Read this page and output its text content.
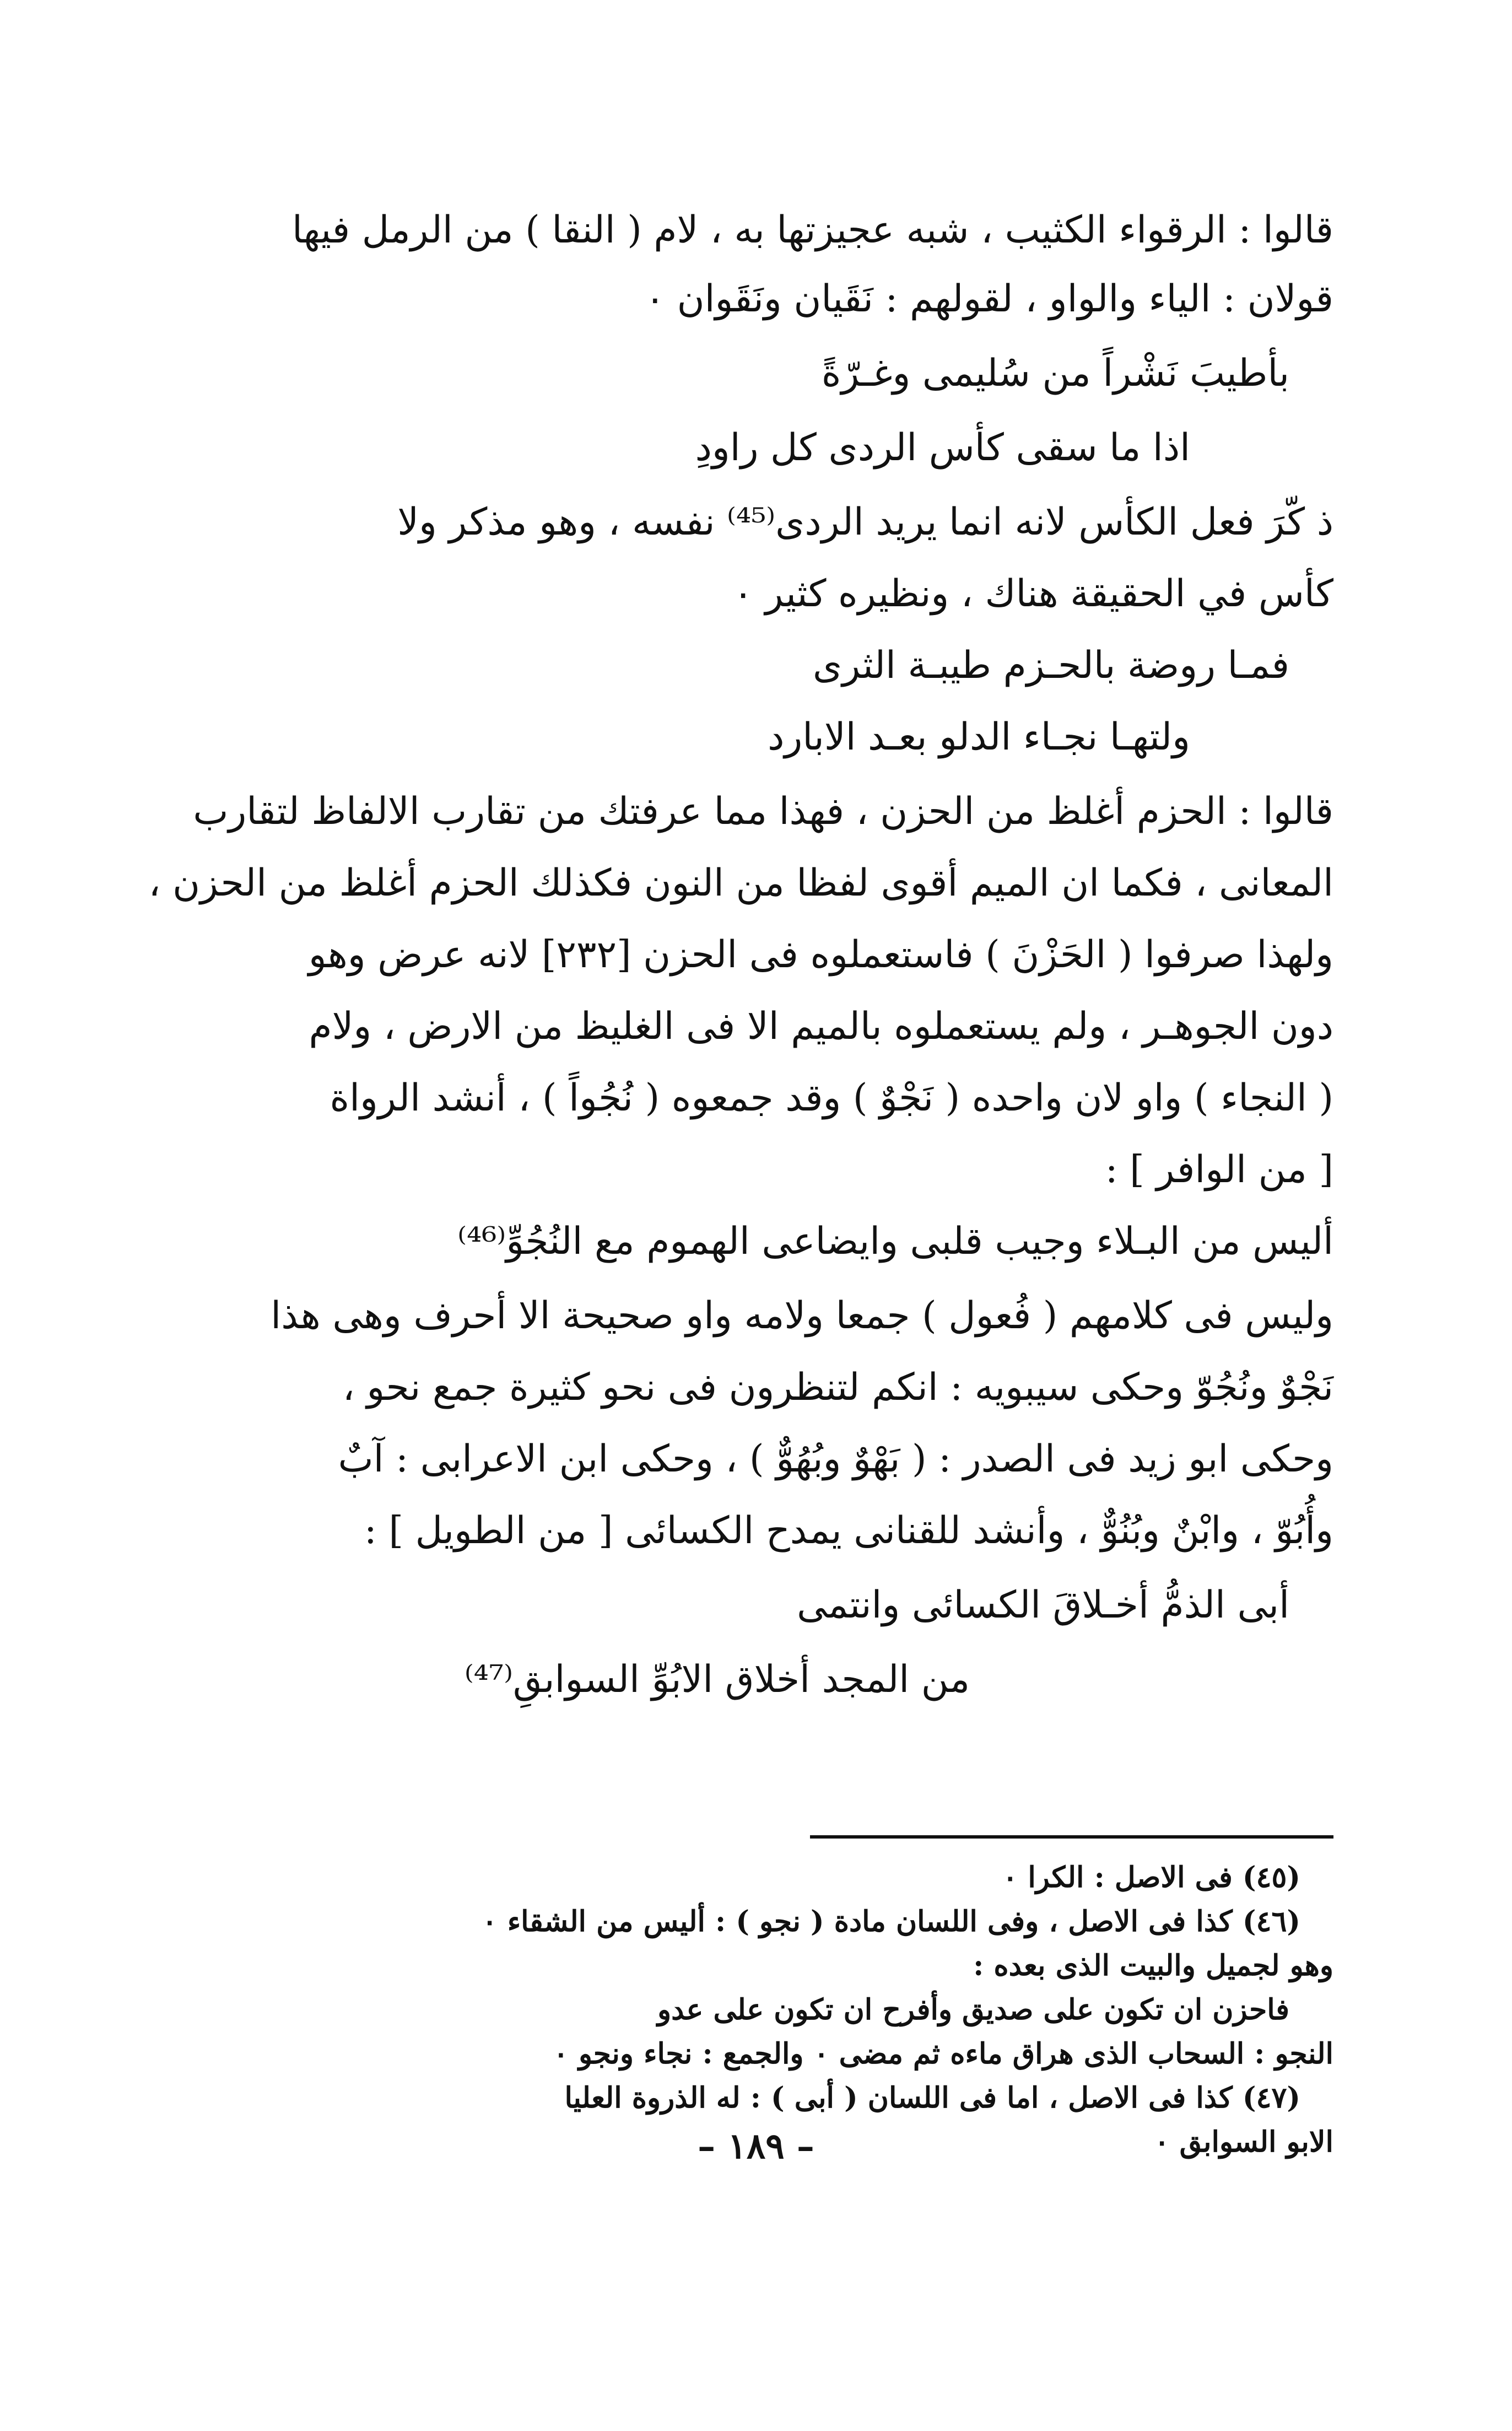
قالوا : الرقواء الكثيب ، شبه عجيزتها به ، لام ( النقا ) من الرمل فيها
قولان : الياء والواو ، لقولهم : نَقَيان ونَقَوان ٠
بأطيبَ نَشْراً من سُليمى وغـرّةً
اذا ما سقى كأس الردى كل راودِ
ذ كّرَ فعل الكأس لانه انما يريد الردى⁽⁴⁵⁾ نفسه ، وهو مذكر ولا
كأس في الحقيقة هناك ، ونظيره كثير ٠
فمـا روضة بالحـزم طيبـة الثرى
ولتهـا نجـاء الدلو بعـد الابارد
قالوا : الحزم أغلظ من الحزن ، فهذا مما عرفتك من تقارب الالفاظ لتقارب
المعانى ، فكما ان الميم أقوى لفظا من النون فكذلك الحزم أغلظ من الحزن ،
ولهذا صرفوا ( الحَزْنَ ) فاستعملوه فى الحزن [٢٣٢] لانه عرض وهو
دون الجوهـر ، ولم يستعملوه بالميم الا فى الغليظ من الارض ، ولام
( النجاء ) واو لان واحده ( نَجْوٌ ) وقد جمعوه ( نُجُواً ) ، أنشد الرواة
[ من الوافر ] :
أليس من البـلاء وجيب قلبى وايضاعى الهموم مع النُجُوِّ⁽⁴⁶⁾
وليس فى كلامهم ( فُعول ) جمعا ولامه واو صحيحة الا أحرف وهى هذا
نَجْوٌ ونُجُوّ وحكى سيبويه : انكم لتنظرون فى نحو كثيرة جمع نحو ،
وحكى ابو زيد فى الصدر : ( بَهْوٌ وبُهُوٌّ ) ، وحكى ابن الاعرابى : آبٌ
وأُبُوّ ، وابْنٌ وبُنُوٌّ ، وأنشد للقنانى يمدح الكسائى [ من الطويل ] :
أبى الذمُّ أخـلاقَ الكسائى وانتمى
من المجد أخلاق الابُوِّ السوابقِ⁽⁴⁷⁾
(٤٥) فى الاصل : الكرا ٠
(٤٦) كذا فى الاصل ، وفى اللسان مادة ( نجو ) : أليس من الشقاء ٠
وهو لجميل والبيت الذى بعده :
فاحزن ان تكون على صديق وأفرح ان تكون على عدو
النجو : السحاب الذى هراق ماءه ثم مضى ٠ والجمع : نجاء ونجو ٠
(٤٧) كذا فى الاصل ، اما فى اللسان ( أبى ) : له الذروة العليا
الابو السوابق ٠
– ١٨٩ –
